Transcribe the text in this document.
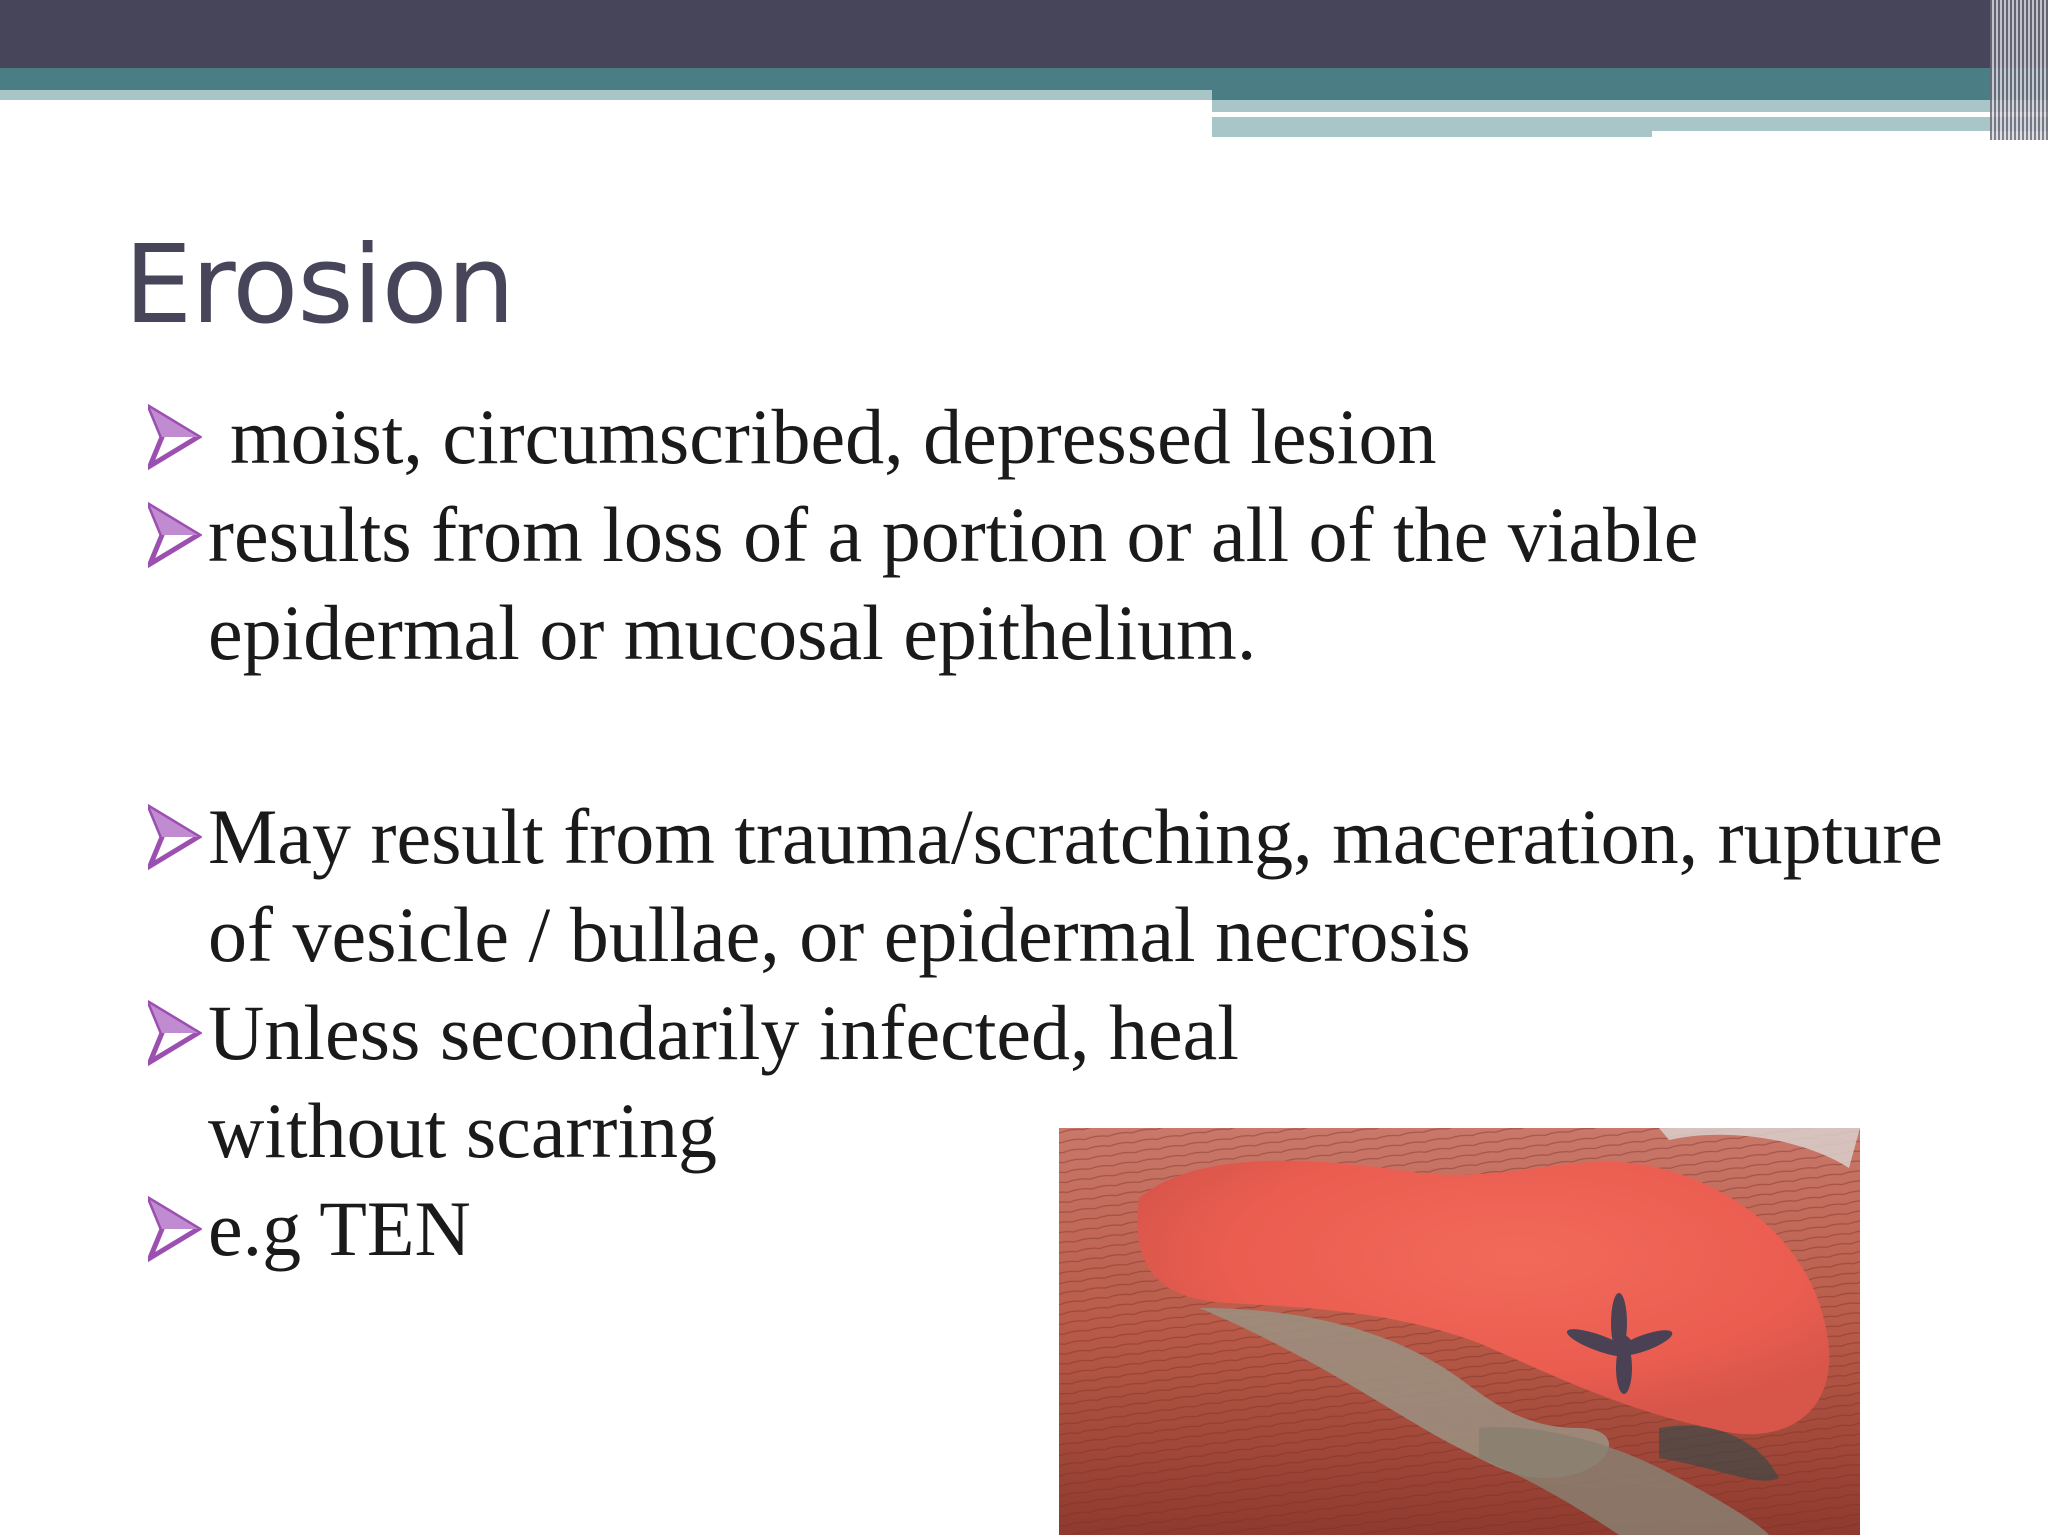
Erosion
moist, circumscribed, depressed lesion
results from loss of a portion or all of the viable epidermal or mucosal epithelium.
May result from trauma/scratching, maceration, rupture of vesicle / bullae, or epidermal necrosis
Unless secondarily infected, heal without scarring
e.g TEN
